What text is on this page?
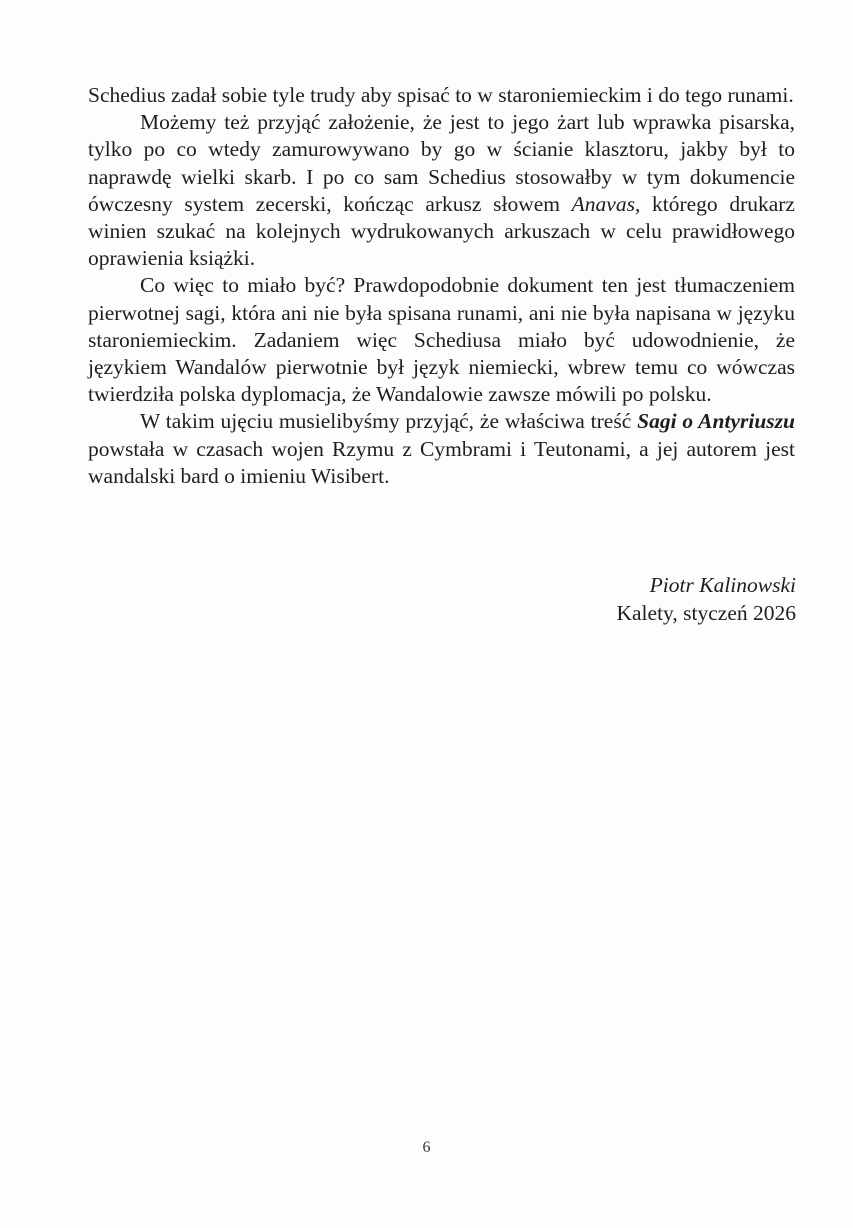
Schedius zadał sobie tyle trudy aby spisać to w staroniemieckim i do tego runami.

Możemy też przyjąć założenie, że jest to jego żart lub wprawka pisarska, tylko po co wtedy zamurowywano by go w ścianie klasztoru, jakby był to naprawdę wielki skarb. I po co sam Schedius stosowałby w tym dokumencie ówczesny system zecerski, kończąc arkusz słowem Anavas, którego drukarz winien szukać na kolejnych wydrukowanych arkuszach w celu prawidłowego oprawienia książki.

Co więc to miało być? Prawdopodobnie dokument ten jest tłumaczeniem pierwotnej sagi, która ani nie była spisana runami, ani nie była napisana w języku staroniemieckim. Zadaniem więc Schediusa miało być udowodnienie, że językiem Wandalów pierwotnie był język niemiecki, wbrew temu co wówczas twierdziła polska dyplomacja, że Wandalowie zawsze mówili po polsku.

W takim ujęciu musielibyśmy przyjąć, że właściwa treść Sagi o Antyriuszu powstała w czasach wojen Rzymu z Cymbrami i Teutonami, a jej autorem jest wandalski bard o imieniu Wisibert.

Piotr Kalinowski
Kalety, styczeń 2026
6
